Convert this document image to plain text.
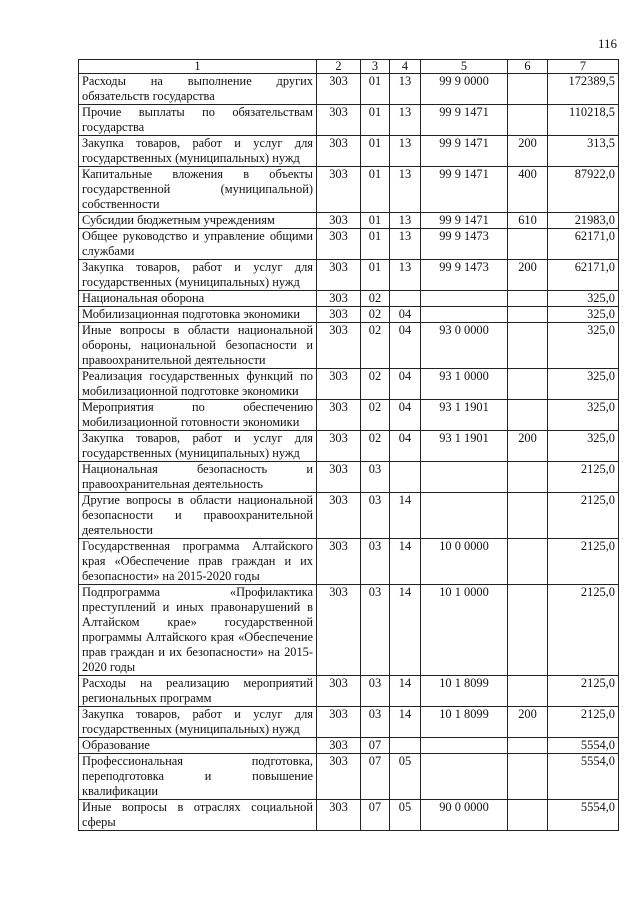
116
1	2	3	4	5	6	7
Расходы на выполнение других обязательств государства	303	01	13	99 9 0000		172389,5
Прочие выплаты по обязательствам государства	303	01	13	99 9 1471		110218,5
Закупка товаров, работ и услуг для государственных (муниципальных) нужд	303	01	13	99 9 1471	200	313,5
Капитальные вложения в объекты государственной (муниципальной) собственности	303	01	13	99 9 1471	400	87922,0
Субсидии бюджетным учреждениям	303	01	13	99 9 1471	610	21983,0
Общее руководство и управление общими службами	303	01	13	99 9 1473		62171,0
Закупка товаров, работ и услуг для государственных (муниципальных) нужд	303	01	13	99 9 1473	200	62171,0
Национальная оборона	303	02				325,0
Мобилизационная подготовка экономики	303	02	04			325,0
Иные вопросы в области национальной обороны, национальной безопасности и правоохранительной деятельности	303	02	04	93 0 0000		325,0
Реализация государственных функций по мобилизационной подготовке экономики	303	02	04	93 1 0000		325,0
Мероприятия по обеспечению мобилизационной готовности экономики	303	02	04	93 1 1901		325,0
Закупка товаров, работ и услуг для государственных (муниципальных) нужд	303	02	04	93 1 1901	200	325,0
Национальная безопасность и правоохранительная деятельность	303	03				2125,0
Другие вопросы в области национальной безопасности и правоохранительной деятельности	303	03	14			2125,0
Государственная программа Алтайского края «Обеспечение прав граждан и их безопасности» на 2015-2020 годы	303	03	14	10 0 0000		2125,0
Подпрограмма «Профилактика преступлений и иных правонарушений в Алтайском крае» государственной программы Алтайского края «Обеспечение прав граждан и их безопасности» на 2015-2020 годы	303	03	14	10 1 0000		2125,0
Расходы на реализацию мероприятий региональных программ	303	03	14	10 1 8099		2125,0
Закупка товаров, работ и услуг для государственных (муниципальных) нужд	303	03	14	10 1 8099	200	2125,0
Образование	303	07				5554,0
Профессиональная подготовка, переподготовка и повышение квалификации	303	07	05			5554,0
Иные вопросы в отраслях социальной сферы	303	07	05	90 0 0000		5554,0
